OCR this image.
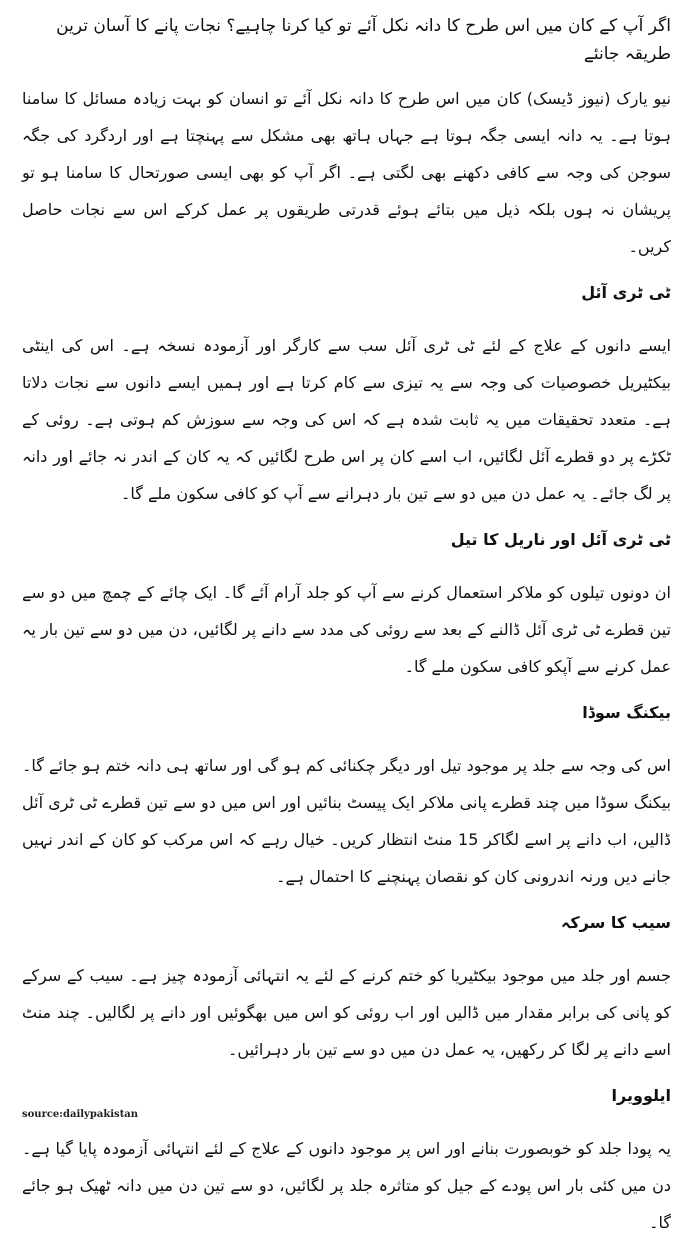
اگر آپ کے کان میں اس طرح کا دانہ نکل آئے تو کیا کرنا چاہیے؟ نجات پانے کا آسان ترین طریقہ جانئے

نیو یارک (نیوز ڈیسک) کان میں اس طرح کا دانہ نکل آئے تو انسان کو بہت زیادہ مسائل کا سامنا ہوتا ہے۔ یہ دانہ ایسی جگہ ہوتا ہے جہاں ہاتھ بھی مشکل سے پہنچتا ہے اور اردگرد کی جگہ سوجن کی وجہ سے کافی دکھنے بھی لگتی ہے۔ اگر آپ کو بھی ایسی صورتحال کا سامنا ہو تو پریشان نہ ہوں بلکہ ذیل میں بتائے ہوئے قدرتی طریقوں پر عمل کرکے اس سے نجات حاصل کریں۔

ٹی ٹری آئل

ایسے دانوں کے علاج کے لئے ٹی ٹری آئل سب سے کارگر اور آزمودہ نسخہ ہے۔ اس کی اینٹی بیکٹیریل خصوصیات کی وجہ سے یہ تیزی سے کام کرتا ہے اور ہمیں ایسے دانوں سے نجات دلاتا ہے۔ متعدد تحقیقات میں یہ ثابت شدہ ہے کہ اس کی وجہ سے سوزش کم ہوتی ہے۔ روئی کے ٹکڑے پر دو قطرے آئل لگائیں، اب اسے کان پر اس طرح لگائیں کہ یہ کان کے اندر نہ جائے اور دانہ پر لگ جائے۔ یہ عمل دن میں دو سے تین بار دہرانے سے آپ کو کافی سکون ملے گا۔

ٹی ٹری آئل اور ناریل کا تیل

ان دونوں تیلوں کو ملاکر استعمال کرنے سے آپ کو جلد آرام آئے گا۔ ایک چائے کے چمچ میں دو سے تین قطرے ٹی ٹری آئل ڈالنے کے بعد سے روئی کی مدد سے دانے پر لگائیں، دن میں دو سے تین بار یہ عمل کرنے سے آپکو کافی سکون ملے گا۔

بیکنگ سوڈا

اس کی وجہ سے جلد پر موجود تیل اور دیگر چکنائی کم ہو گی اور ساتھ ہی دانہ ختم ہو جائے گا۔ بیکنگ سوڈا میں چند قطرے پانی ملاکر ایک پیسٹ بنائیں اور اس میں دو سے تین قطرے ٹی ٹری آئل ڈالیں، اب دانے پر اسے لگاکر 15 منٹ انتظار کریں۔ خیال رہے کہ اس مرکب کو کان کے اندر نہیں جانے دیں ورنہ اندرونی کان کو نقصان پہنچنے کا احتمال ہے۔

سیب کا سرکہ

جسم اور جلد میں موجود بیکٹیریا کو ختم کرنے کے لئے یہ انتہائی آزمودہ چیز ہے۔ سیب کے سرکے کو پانی کی برابر مقدار میں ڈالیں اور اب روئی کو اس میں بھگوئیں اور دانے پر لگالیں۔ چند منٹ اسے دانے پر لگا کر رکھیں، یہ عمل دن میں دو سے تین بار دہرائیں۔

ایلوویرا

یہ پودا جلد کو خوبصورت بنانے اور اس پر موجود دانوں کے علاج کے لئے انتہائی آزمودہ پایا گیا ہے۔ دن میں کئی بار اس پودے کے جیل کو متاثرہ جلد پر لگائیں، دو سے تین دن میں دانہ ٹھیک ہو جائے گا۔

source:dailypakistan
